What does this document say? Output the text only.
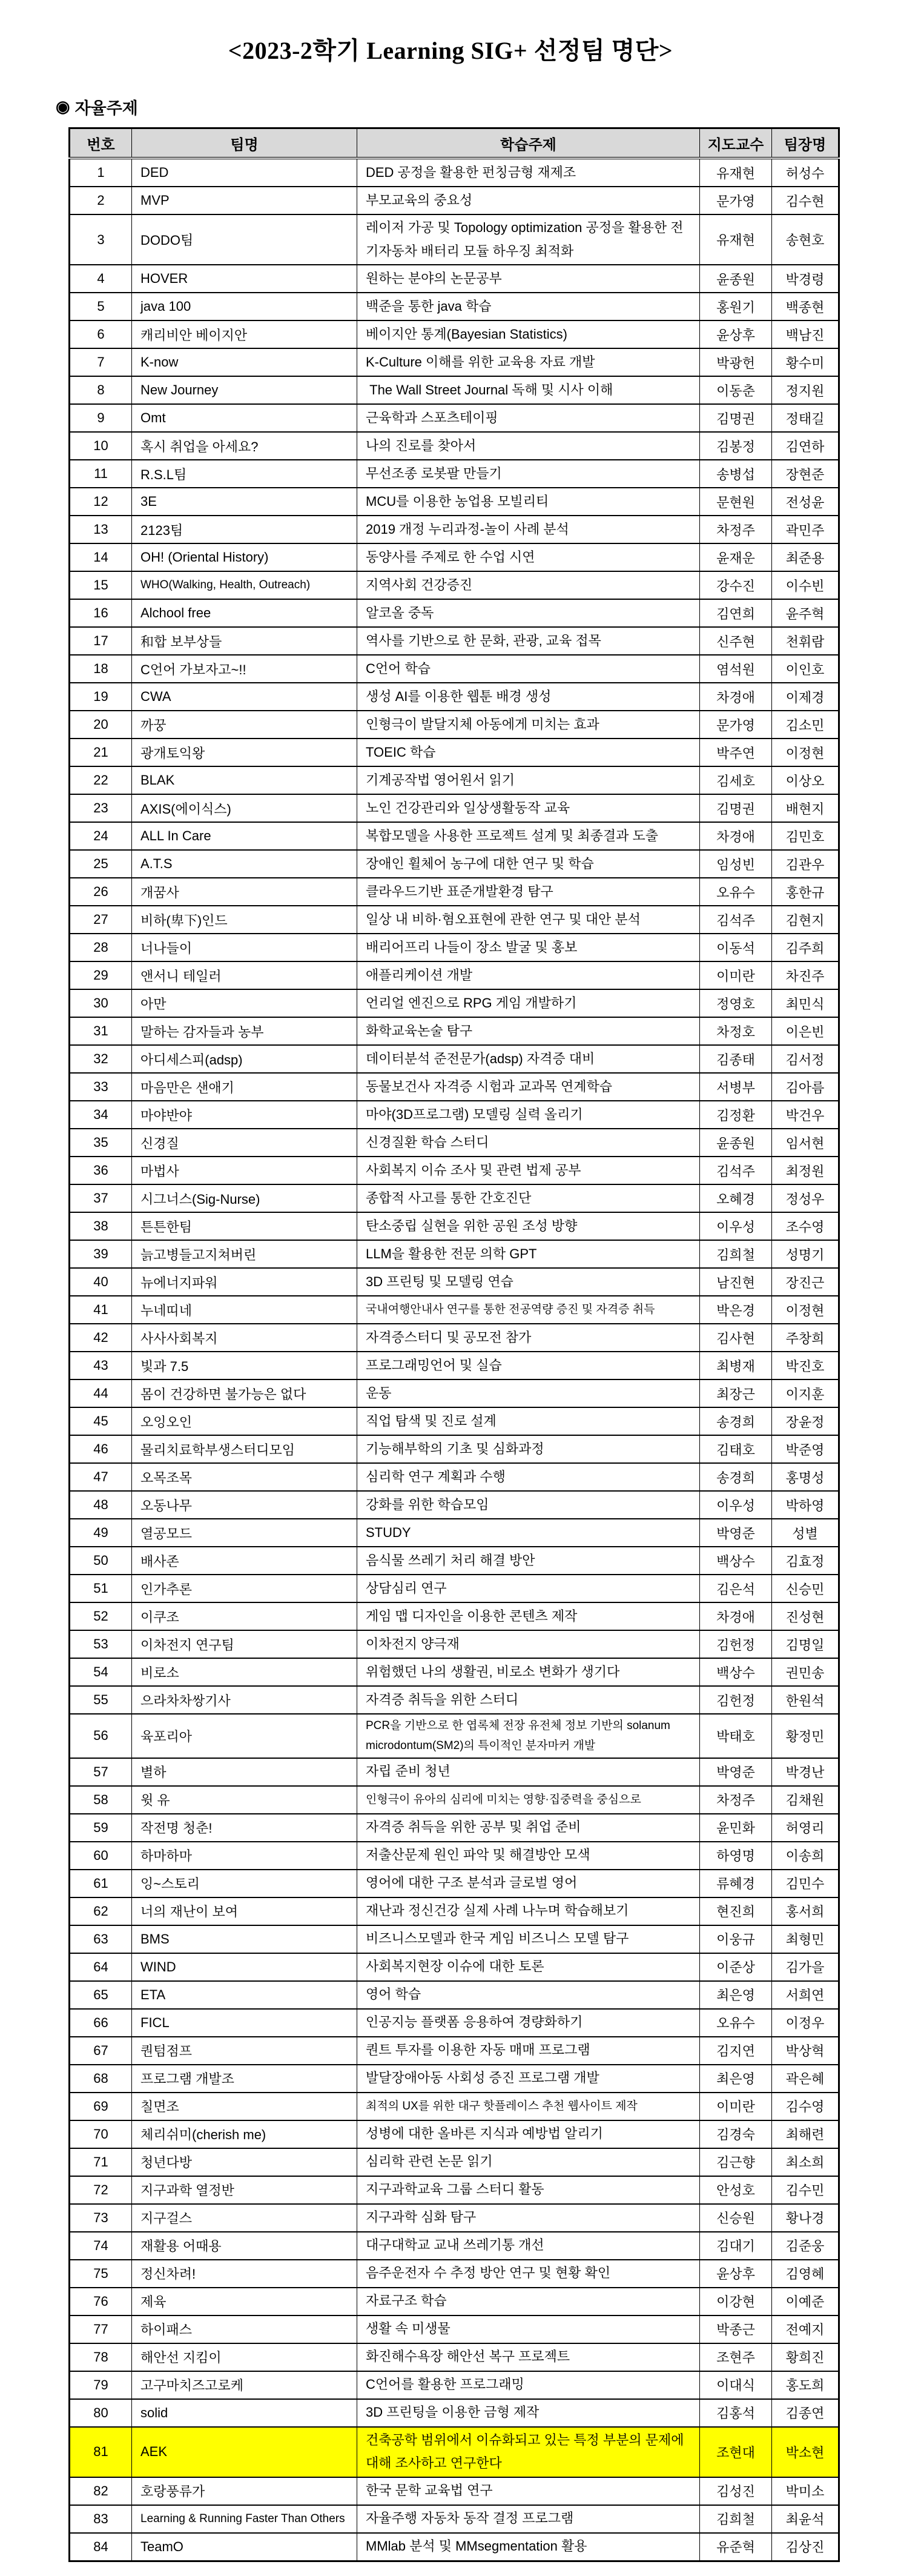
<2023-2학기 Learning SIG+ 선정팀 명단>
◉ 자율주제
번호	팀명	학습주제	지도교수	팀장명
1	DED	DED 공정을 활용한 펀칭금형 재제조	유재현	허성수
2	MVP	부모교육의 중요성	문가영	김수현
3	DODO팀	레이저 가공 및 Topology optimization 공정을 활용한 전기자동차 배터리 모듈 하우징 최적화	유재현	송현호
4	HOVER	원하는 분야의 논문공부	윤종원	박경령
5	java 100	백준을 통한 java 학습	홍원기	백종현
6	캐리비안 베이지안	베이지안 통계(Bayesian Statistics)	윤상후	백남진
7	K-now	K-Culture 이해를 위한 교육용 자료 개발	박광헌	황수미
8	New Journey	The Wall Street Journal 독해 및 시사 이해	이동춘	정지원
9	Omt	근육학과 스포츠테이핑	김명권	정태길
10	혹시 취업을 아세요?	나의 진로를 찾아서	김봉정	김연하
11	R.S.L팀	무선조종 로봇팔 만들기	송병섭	장현준
12	3E	MCU를 이용한 농업용 모빌리티	문현원	전성윤
13	2123팀	2019 개정 누리과정-놀이 사례 분석	차정주	곽민주
14	OH! (Oriental History)	동양사를 주제로 한 수업 시연	윤재운	최준용
15	WHO(Walking, Health, Outreach)	지역사회 건강증진	강수진	이수빈
16	Alchool free	알코올 중독	김연희	윤주혁
17	和합 보부상들	역사를 기반으로 한 문화, 관광, 교육 접목	신주현	천휘람
18	C언어 가보자고~!!	C언어 학습	염석원	이인호
19	CWA	생성 AI를 이용한 웹툰 배경 생성	차경애	이제경
20	까꿍	인형극이 발달지체 아동에게 미치는 효과	문가영	김소민
21	광개토익왕	TOEIC 학습	박주연	이정현
22	BLAK	기계공작법 영어원서 읽기	김세호	이상오
23	AXIS(에이식스)	노인 건강관리와 일상생활동작 교육	김명권	배현지
24	ALL In Care	복합모델을 사용한 프로젝트 설계 및 최종결과 도출	차경애	김민호
25	A.T.S	장애인 휠체어 농구에 대한 연구 및 학습	임성빈	김관우
26	개꿈사	클라우드기반 표준개발환경 탐구	오유수	홍한규
27	비하(卑下)인드	일상 내 비하·혐오표현에 관한 연구 및 대안 분석	김석주	김현지
28	너나들이	배리어프리 나들이 장소 발굴 및 홍보	이동석	김주희
29	앤서니 테일러	애플리케이션 개발	이미란	차진주
30	아만	언리얼 엔진으로 RPG 게임 개발하기	정영호	최민식
31	말하는 감자들과 농부	화학교육논술 탐구	차정호	이은빈
32	아디세스피(adsp)	데이터분석 준전문가(adsp) 자격증 대비	김종태	김서정
33	마음만은 샌애기	동물보건사 자격증 시험과 교과목 연계학습	서병부	김아름
34	마야반야	마야(3D프로그램) 모델링 실력 올리기	김정환	박건우
35	신경질	신경질환 학습 스터디	윤종원	임서현
36	마법사	사회복지 이슈 조사 및 관련 법제 공부	김석주	최정원
37	시그너스(Sig-Nurse)	종합적 사고를 통한 간호진단	오혜경	정성우
38	튼튼한팀	탄소중립 실현을 위한 공원 조성 방향	이우성	조수영
39	늙고병들고지쳐버린	LLM을 활용한 전문 의학 GPT	김희철	성명기
40	뉴에너지파워	3D 프린팅 및 모델링 연습	남진현	장진근
41	누네띠네	국내여행안내사 연구를 통한 전공역량 증진 및 자격증 취득	박은경	이정현
42	사사사회복지	자격증스터디 및 공모전 참가	김사현	주창희
43	빛과 7.5	프로그래밍언어 및 실습	최병재	박진호
44	몸이 건강하면 불가능은 없다	운동	최장근	이지훈
45	오잉오인	직업 탐색 및 진로 설계	송경희	장윤정
46	물리치료학부생스터디모임	기능해부학의 기초 및 심화과정	김태호	박준영
47	오목조목	심리학 연구 계획과 수행	송경희	홍명성
48	오동나무	강화를 위한 학습모임	이우성	박하영
49	열공모드	STUDY	박영준	성별
50	배사존	음식물 쓰레기 처리 해결 방안	백상수	김효정
51	인가추론	상담심리 연구	김은석	신승민
52	이쿠조	게임 맵 디자인을 이용한 콘텐츠 제작	차경애	진성현
53	이차전지 연구팀	이차전지 양극재	김헌정	김명일
54	비로소	위험했던 나의 생활권, 비로소 변화가 생기다	백상수	권민송
55	으라차차쌍기사	자격증 취득을 위한 스터디	김헌정	한원석
56	육포리아	PCR을 기반으로 한 엽록체 전장 유전체 정보 기반의 solanum microdontum(SM2)의 특이적인 분자마커 개발	박태호	황정민
57	별하	자립 준비 청년	박영준	박경난
58	윗 유	인형극이 유아의 심리에 미치는 영향·집중력을 중심으로	차정주	김채원
59	작전명 청춘!	자격증 취득을 위한 공부 및 취업 준비	윤민화	허영리
60	하마하마	저출산문제 원인 파악 및 해결방안 모색	하영명	이송희
61	잉~스토리	영어에 대한 구조 분석과 글로벌 영어	류혜경	김민수
62	너의 재난이 보여	재난과 정신건강 실제 사례 나누며 학습해보기	현진희	홍서희
63	BMS	비즈니스모델과 한국 게임 비즈니스 모델 탐구	이웅규	최형민
64	WIND	사회복지현장 이슈에 대한 토론	이준상	김가을
65	ETA	영어 학습	최은영	서희연
66	FICL	인공지능 플랫폼 응용하여 경량화하기	오유수	이정우
67	퀀텀점프	퀀트 투자를 이용한 자동 매매 프로그램	김지연	박상혁
68	프로그램 개발조	발달장애아동 사회성 증진 프로그램 개발	최은영	곽은혜
69	칠면조	최적의 UX를 위한 대구 핫플레이스 추천 웹사이트 제작	이미란	김수영
70	체리쉬미(cherish me)	성병에 대한 올바른 지식과 예방법 알리기	김경숙	최해련
71	청년다방	심리학 관련 논문 읽기	김근향	최소희
72	지구과학 열정반	지구과학교육 그룹 스터디 활동	안성호	김수민
73	지구걸스	지구과학 심화 탐구	신승원	황나경
74	재활용 어때용	대구대학교 교내 쓰레기통 개선	김대기	김준웅
75	정신차려!	음주운전자 수 추정 방안 연구 및 현황 확인	윤상후	김영혜
76	제육	자료구조 학습	이강현	이예준
77	하이패스	생활 속 미생물	박종근	전예지
78	해안선 지킴이	화진해수욕장 해안선 복구 프로젝트	조현주	황희진
79	고구마치즈고로케	C언어를 활용한 프로그래밍	이대식	홍도희
80	solid	3D 프린팅을 이용한 금형 제작	김홍석	김종연
81	AEK	건축공학 범위에서 이슈화되고 있는 특정 부분의 문제에 대해 조사하고 연구한다	조현대	박소현
82	호랑풍류가	한국 문학 교육법 연구	김성진	박미소
83	Learning & Running Faster Than Others	자율주행 자동차 동작 결정 프로그램	김희철	최윤석
84	TeamO	MMlab 분석 및 MMsegmentation 활용	유준혁	김상진
